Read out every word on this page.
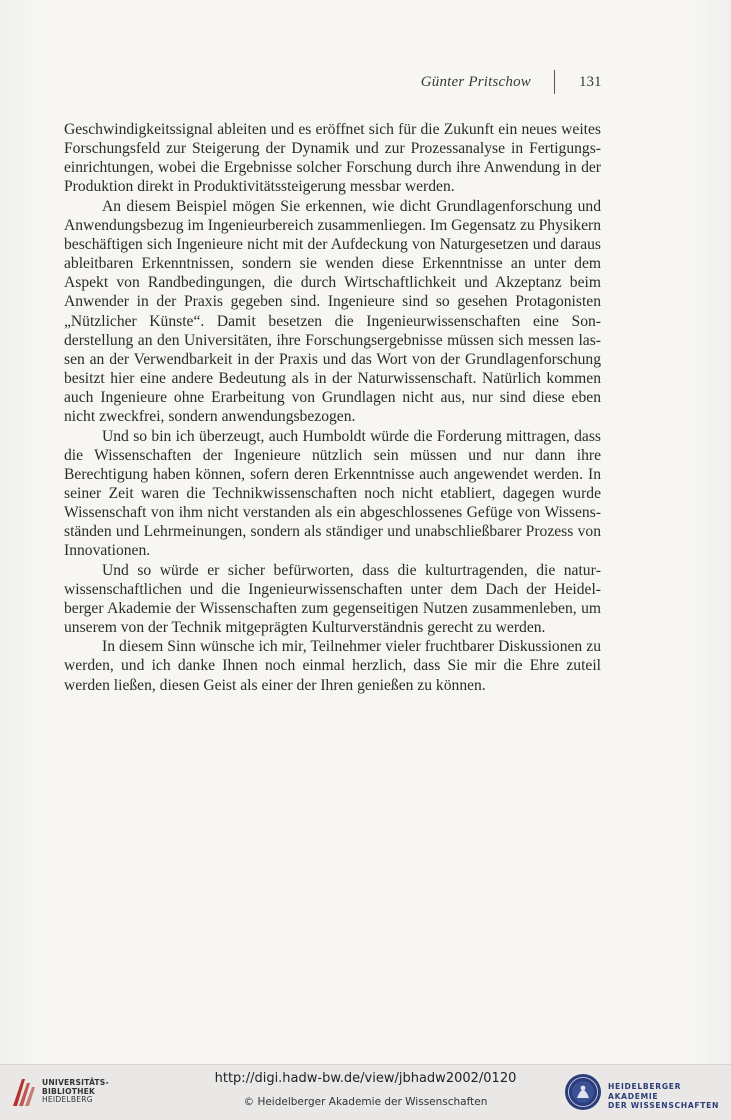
Günter Pritschow	131

Geschwindigkeitssignal ableiten und es eröffnet sich für die Zukunft ein neues weites Forschungsfeld zur Steigerung der Dynamik und zur Prozessanalyse in Fertigungseinrichtungen, wobei die Ergebnisse solcher Forschung durch ihre Anwendung in der Produktion direkt in Produktivitätssteigerung messbar werden.

An diesem Beispiel mögen Sie erkennen, wie dicht Grundlagenforschung und Anwendungsbezug im Ingenieurbereich zusammenliegen. Im Gegensatz zu Physikern beschäftigen sich Ingenieure nicht mit der Aufdeckung von Naturgesetzen und daraus ableitbaren Erkenntnissen, sondern sie wenden diese Erkenntnisse an unter dem Aspekt von Randbedingungen, die durch Wirtschaftlichkeit und Akzeptanz beim Anwender in der Praxis gegeben sind. Ingenieure sind so gesehen Protagonisten „Nützlicher Künste“. Damit besetzen die Ingenieurwissenschaften eine Sonderstellung an den Universitäten, ihre Forschungsergebnisse müssen sich messen lassen an der Verwendbarkeit in der Praxis und das Wort von der Grundlagenforschung besitzt hier eine andere Bedeutung als in der Naturwissenschaft. Natürlich kommen auch Ingenieure ohne Erarbeitung von Grundlagen nicht aus, nur sind diese eben nicht zweckfrei, sondern anwendungsbezogen.

Und so bin ich überzeugt, auch Humboldt würde die Forderung mittragen, dass die Wissenschaften der Ingenieure nützlich sein müssen und nur dann ihre Berechtigung haben können, sofern deren Erkenntnisse auch angewendet werden. In seiner Zeit waren die Technikwissenschaften noch nicht etabliert, dagegen wurde Wissenschaft von ihm nicht verstanden als ein abgeschlossenes Gefüge von Wissensständen und Lehrmeinungen, sondern als ständiger und unabschließbarer Prozess von Innovationen.

Und so würde er sicher befürworten, dass die kulturtragenden, die naturwissenschaftlichen und die Ingenieurwissenschaften unter dem Dach der Heidelberger Akademie der Wissenschaften zum gegenseitigen Nutzen zusammenleben, um unserem von der Technik mitgeprägten Kulturverständnis gerecht zu werden.

In diesem Sinn wünsche ich mir, Teilnehmer vieler fruchtbarer Diskussionen zu werden, und ich danke Ihnen noch einmal herzlich, dass Sie mir die Ehre zuteil werden ließen, diesen Geist als einer der Ihren genießen zu können.

UNIVERSITÄTS-
BIBLIOTHEK
HEIDELBERG
http://digi.hadw-bw.de/view/jbhadw2002/0120
© Heidelberger Akademie der Wissenschaften
HEIDELBERGER AKADEMIE
DER WISSENSCHAFTEN
